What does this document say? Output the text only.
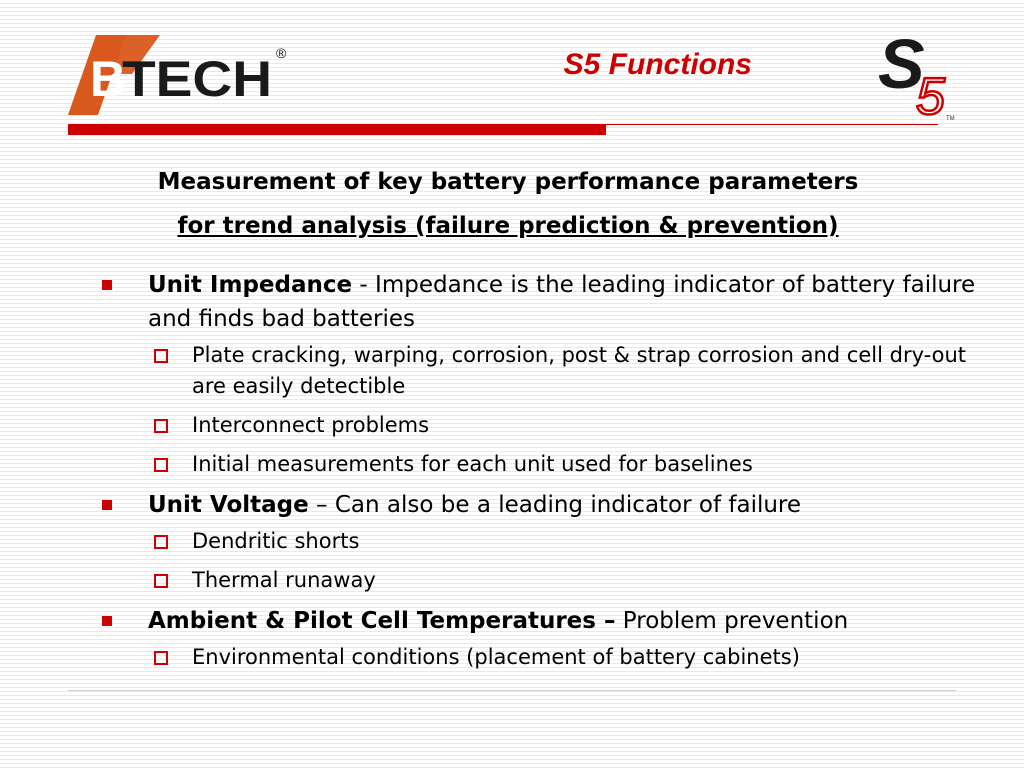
B
TECH ®	S5 Functions S
5 TM
Measurement of key battery performance parameters
for trend analysis (failure prediction & prevention)
Unit Impedance - Impedance is the leading indicator of battery failure and finds bad batteries
Plate cracking, warping, corrosion, post & strap corrosion and cell dry-out are easily detectible
Interconnect problems
Initial measurements for each unit used for baselines
Unit Voltage – Can also be a leading indicator of failure
Dendritic shorts
Thermal runaway
Ambient & Pilot Cell Temperatures – Problem prevention
Environmental conditions (placement of battery cabinets)
